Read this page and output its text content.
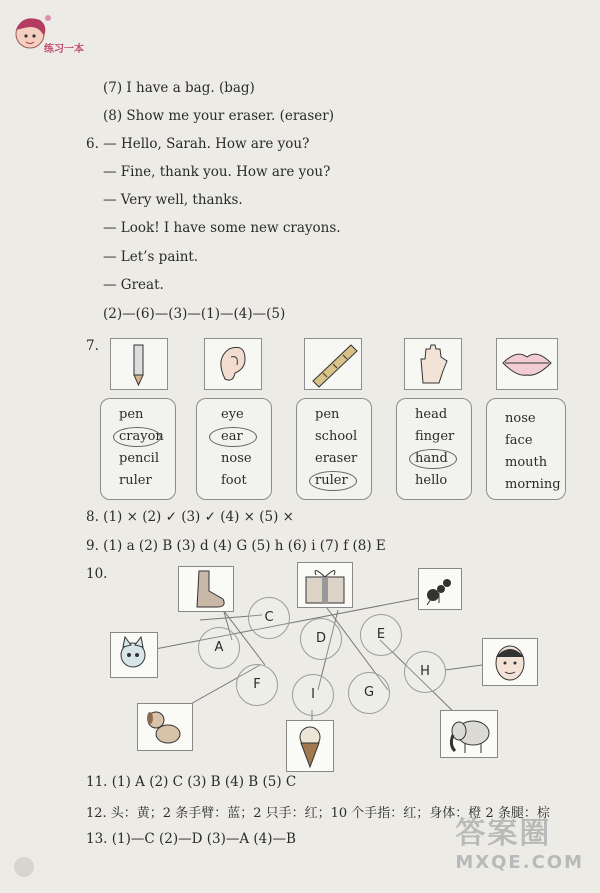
练习一本
(7) I have a bag. (bag)
(8) Show me your eraser. (eraser)
6. — Hello, Sarah. How are you?
— Fine, thank you. How are you?
— Very well, thanks.
— Look! I have some new crayons.
— Let’s paint.
— Great.
(2)—(6)—(3)—(1)—(4)—(5)
7.
pen
crayon
pencil
ruler
eye
ear
nose
foot
pen
school
eraser
ruler
head
finger
hand
hello
nose
face
mouth
morning
8. (1) × (2) ✓ (3) ✓ (4) × (5) ×
9. (1) a (2) B (3) d (4) G (5) h (6) i (7) f (8) E
10.
C
A
D	E
F
I	G
H
11. (1) A (2) C (3) B (4) B (5) C
12. 头：黄；2 条手臂：蓝；2 只手：红；10 个手指：红；身体：橙 2 条腿：棕
13. (1)—C (2)—D (3)—A (4)—B	答案圈
MXQE.COM
